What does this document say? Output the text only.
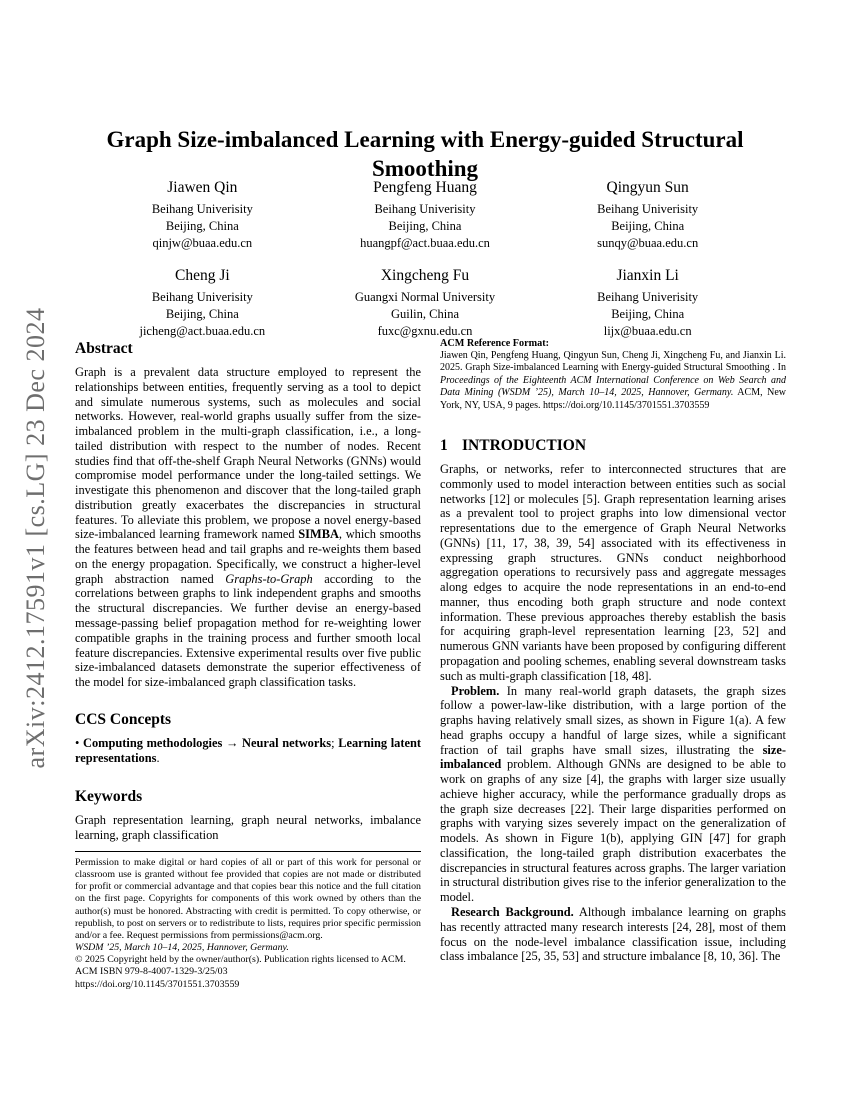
arXiv:2412.17591v1 [cs.LG] 23 Dec 2024
Graph Size-imbalanced Learning with Energy-guided Structural Smoothing
Jiawen Qin
Beihang Univerisity
Beijing, China
qinjw@buaa.edu.cn
Pengfeng Huang
Beihang Univerisity
Beijing, China
huangpf@act.buaa.edu.cn
Qingyun Sun
Beihang Univerisity
Beijing, China
sunqy@buaa.edu.cn
Cheng Ji
Beihang Univerisity
Beijing, China
jicheng@act.buaa.edu.cn
Xingcheng Fu
Guangxi Normal University
Guilin, China
fuxc@gxnu.edu.cn
Jianxin Li
Beihang Univerisity
Beijing, China
lijx@buaa.edu.cn
Abstract

Graph is a prevalent data structure employed to represent the relationships between entities, frequently serving as a tool to depict and simulate numerous systems, such as molecules and social networks. However, real-world graphs usually suffer from the size-imbalanced problem in the multi-graph classification, i.e., a long-tailed distribution with respect to the number of nodes. Recent studies find that off-the-shelf Graph Neural Networks (GNNs) would compromise model performance under the long-tailed settings. We investigate this phenomenon and discover that the long-tailed graph distribution greatly exacerbates the discrepancies in structural features. To alleviate this problem, we propose a novel energy-based size-imbalanced learning framework named SIMBA, which smooths the features between head and tail graphs and re-weights them based on the energy propagation. Specifically, we construct a higher-level graph abstraction named Graphs-to-Graph according to the correlations between graphs to link independent graphs and smooths the structural discrepancies. We further devise an energy-based message-passing belief propagation method for re-weighting lower compatible graphs in the training process and further smooth local feature discrepancies. Extensive experimental results over five public size-imbalanced datasets demonstrate the superior effectiveness of the model for size-imbalanced graph classification tasks.

CCS Concepts

• Computing methodologies → Neural networks; Learning latent representations.

Keywords

Graph representation learning, graph neural networks, imbalance learning, graph classification

Permission to make digital or hard copies of all or part of this work for personal or classroom use is granted without fee provided that copies are not made or distributed for profit or commercial advantage and that copies bear this notice and the full citation on the first page. Copyrights for components of this work owned by others than the author(s) must be honored. Abstracting with credit is permitted. To copy otherwise, or republish, to post on servers or to redistribute to lists, requires prior specific permission and/or a fee. Request permissions from permissions@acm.org.

WSDM ’25, March 10–14, 2025, Hannover, Germany.

© 2025 Copyright held by the owner/author(s). Publication rights licensed to ACM.

ACM ISBN 979-8-4007-1329-3/25/03

https://doi.org/10.1145/3701551.3703559

ACM Reference Format:

Jiawen Qin, Pengfeng Huang, Qingyun Sun, Cheng Ji, Xingcheng Fu, and Jianxin Li. 2025. Graph Size-imbalanced Learning with Energy-guided Structural Smoothing . In Proceedings of the Eighteenth ACM International Conference on Web Search and Data Mining (WSDM ’25), March 10–14, 2025, Hannover, Germany. ACM, New York, NY, USA, 9 pages. https://doi.org/10.1145/3701551.3703559

1 INTRODUCTION

Graphs, or networks, refer to interconnected structures that are commonly used to model interaction between entities such as social networks [12] or molecules [5]. Graph representation learning arises as a prevalent tool to project graphs into low dimensional vector representations due to the emergence of Graph Neural Networks (GNNs) [11, 17, 38, 39, 54] associated with its effectiveness in expressing graph structures. GNNs conduct neighborhood aggregation operations to recursively pass and aggregate messages along edges to acquire the node representations in an end-to-end manner, thus encoding both graph structure and node context information. These previous approaches thereby establish the basis for acquiring graph-level representation learning [23, 52] and numerous GNN variants have been proposed by configuring different propagation and pooling schemes, enabling several downstream tasks such as multi-graph classification [18, 48].

Problem. In many real-world graph datasets, the graph sizes follow a power-law-like distribution, with a large portion of the graphs having relatively small sizes, as shown in Figure 1(a). A few head graphs occupy a handful of large sizes, while a significant fraction of tail graphs have small sizes, illustrating the size-imbalanced problem. Although GNNs are designed to be able to work on graphs of any size [4], the graphs with larger size usually achieve higher accuracy, while the performance gradually drops as the graph size decreases [22]. Their large disparities performed on graphs with varying sizes severely impact on the generalization of models. As shown in Figure 1(b), applying GIN [47] for graph classification, the long-tailed graph distribution exacerbates the discrepancies in structural features across graphs. The larger variation in structural distribution gives rise to the inferior generalization to the model.

Research Background. Although imbalance learning on graphs has recently attracted many research interests [24, 28], most of them focus on the node-level imbalance classification issue, including class imbalance [25, 35, 53] and structure imbalance [8, 10, 36]. The
